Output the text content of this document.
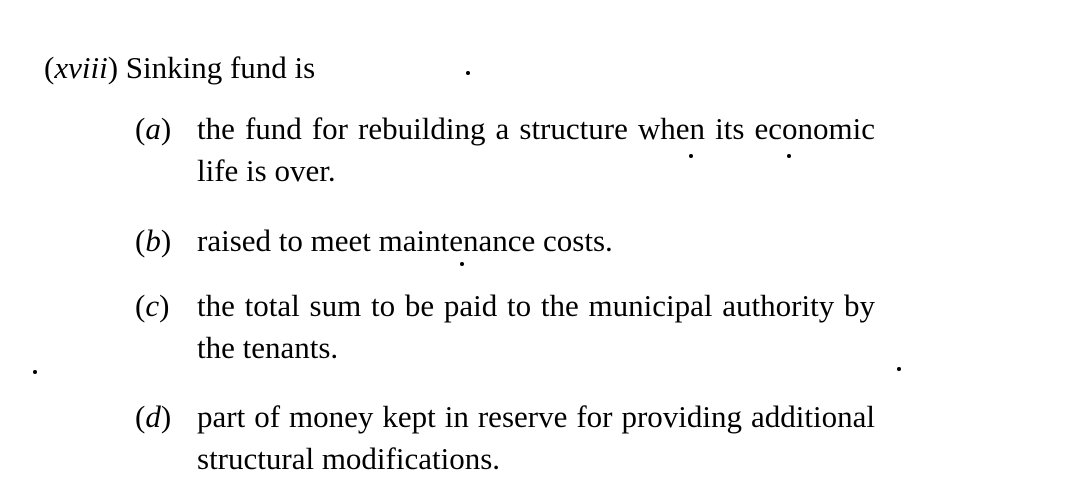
(xviii) Sinking fund is
(a) the fund for rebuilding a structure when its economic life is over.
(b) raised to meet maintenance costs.
(c) the total sum to be paid to the municipal authority by the tenants.
(d) part of money kept in reserve for providing additional structural modifications.
